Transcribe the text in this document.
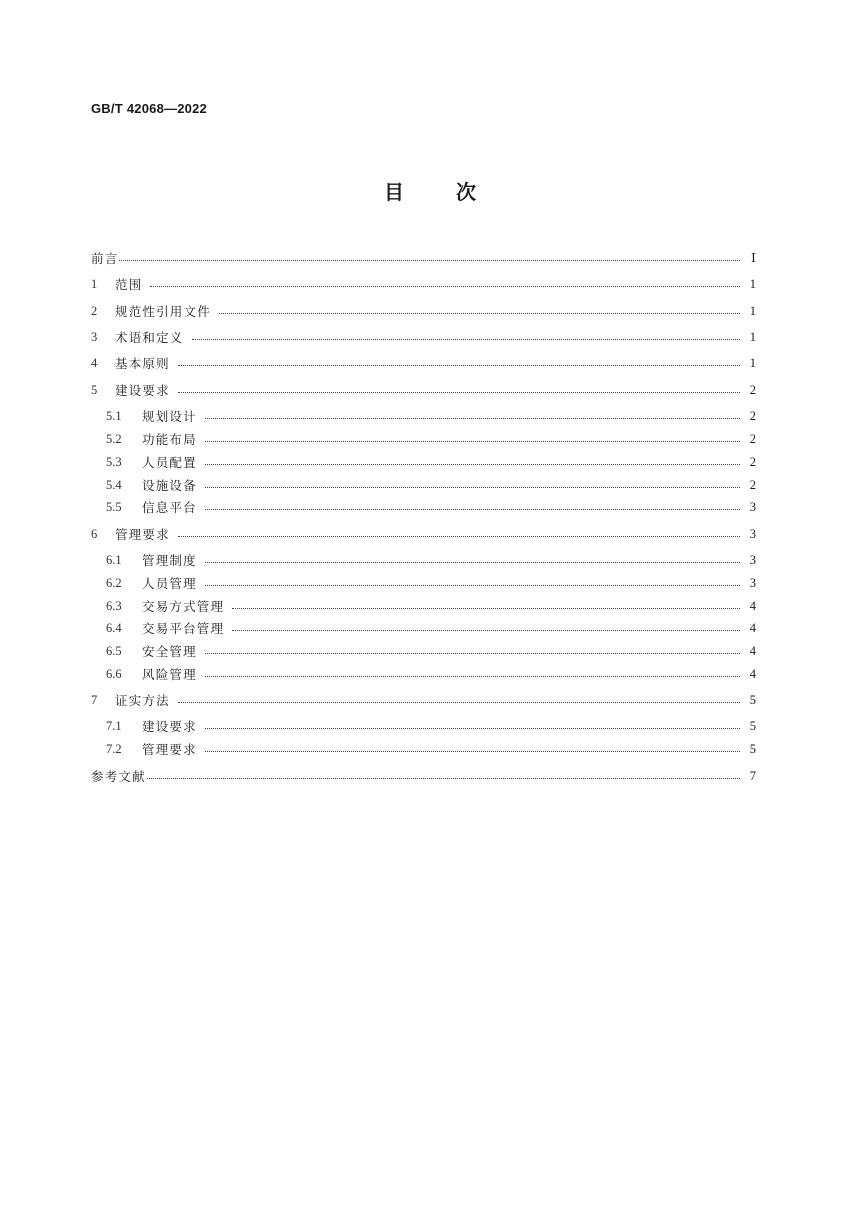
GB/T 42068—2022
目	次
前言	Ⅰ
1	范围	1
2	规范性引用文件	1
3	术语和定义	1
4	基本原则	1
5	建设要求	2
5.1	规划设计	2
5.2	功能布局	2
5.3	人员配置	2
5.4	设施设备	2
5.5	信息平台	3
6	管理要求	3
6.1	管理制度	3
6.2	人员管理	3
6.3	交易方式管理	4
6.4	交易平台管理	4
6.5	安全管理	4
6.6	风险管理	4
7	证实方法	5
7.1	建设要求	5
7.2	管理要求	5
参考文献	7
